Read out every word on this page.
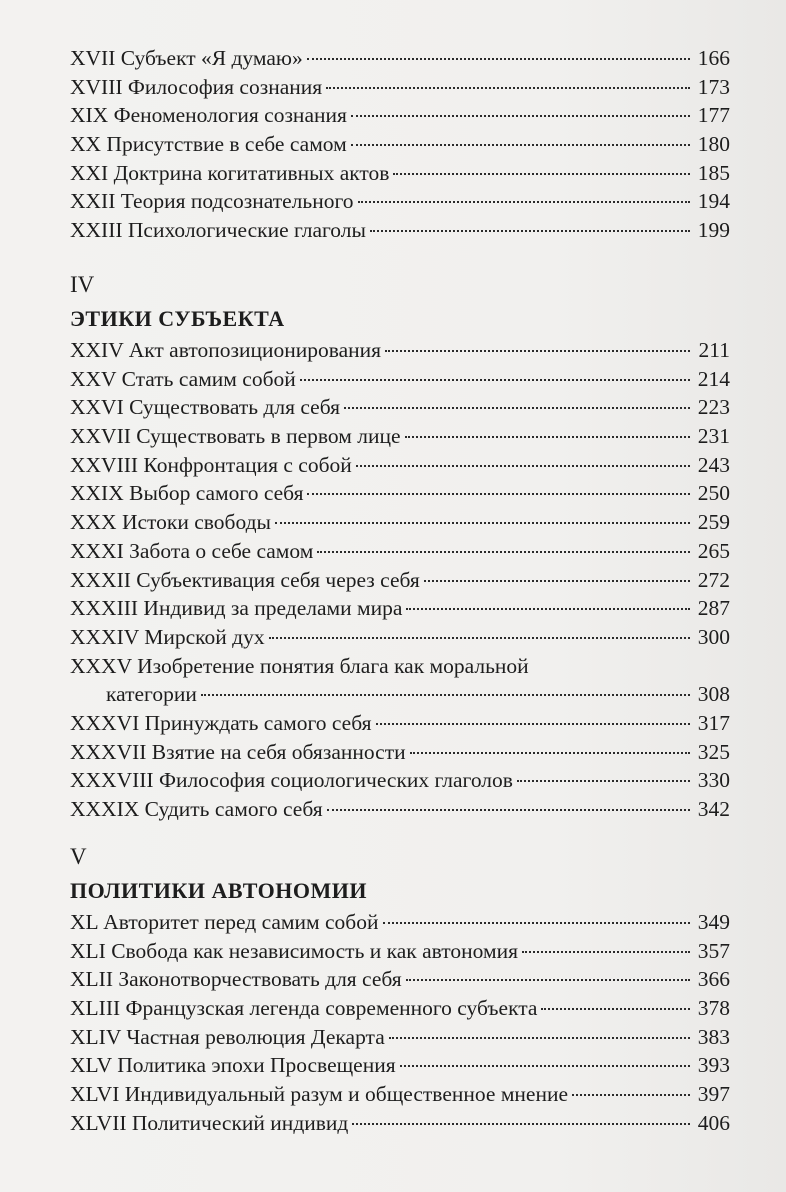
XVII Субъект «Я думаю»	166
XVIII Философия сознания	173
XIX Феноменология сознания	177
XX Присутствие в себе самом	180
XXI Доктрина когитативных актов	185
XXII Теория подсознательного	194
XXIII Психологические глаголы	199
IV
ЭТИКИ СУБЪЕКТА
XXIV Акт автопозиционирования	211
XXV Стать самим собой	214
XXVI Существовать для себя	223
XXVII Существовать в первом лице	231
XXVIII Конфронтация с собой	243
XXIX Выбор самого себя	250
XXX Истоки свободы	259
XXXI Забота о себе самом	265
XXXII Субъективация себя через себя	272
XXXIII Индивид за пределами мира	287
XXXIV Мирской дух	300
XXXV Изобретение понятия блага как моральной
категории	308
XXXVI Принуждать самого себя	317
XXXVII Взятие на себя обязанности	325
XXXVIII Философия социологических глаголов	330
XXXIX Судить самого себя	342
V
ПОЛИТИКИ АВТОНОМИИ
XL Авторитет перед самим собой	349
XLI Свобода как независимость и как автономия	357
XLII Законотворчествовать для себя	366
XLIII Французская легенда современного субъекта	378
XLIV Частная революция Декарта	383
XLV Политика эпохи Просвещения	393
XLVI Индивидуальный разум и общественное мнение	397
XLVII Политический индивид	406
